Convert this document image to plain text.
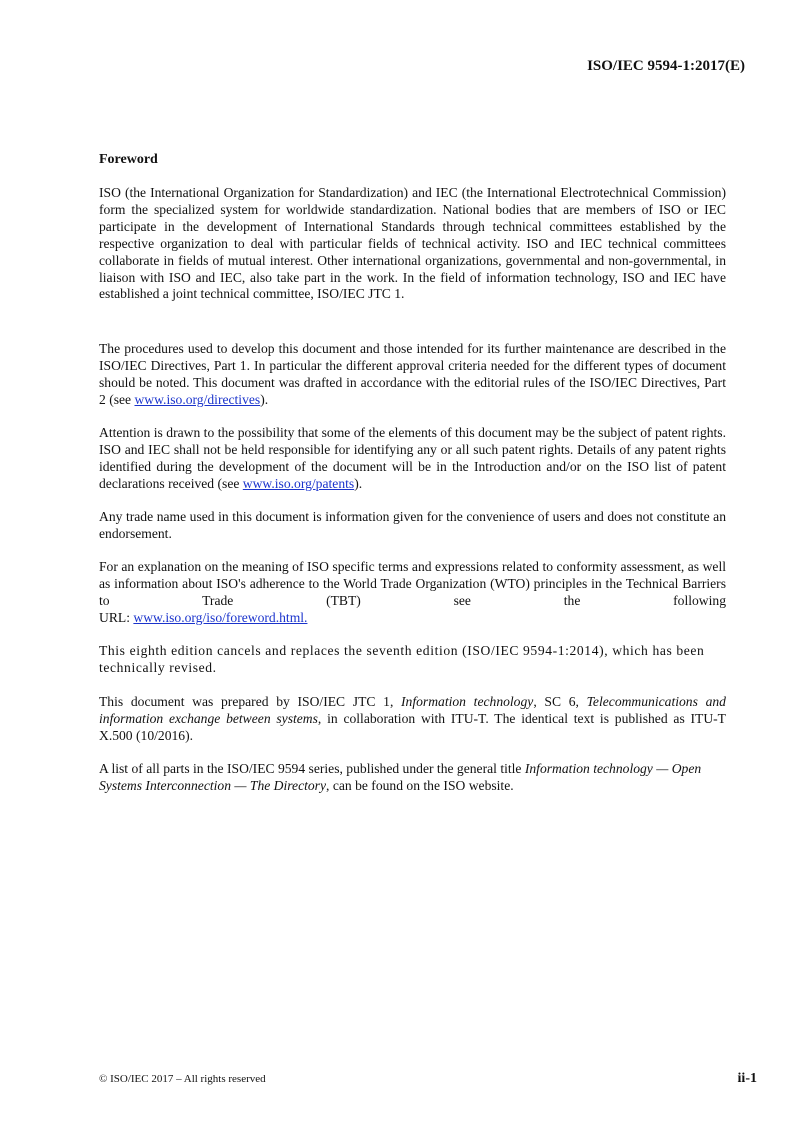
ISO/IEC 9594-1:2017(E)
Foreword

ISO (the International Organization for Standardization) and IEC (the International Electrotechnical Commission) form the specialized system for worldwide standardization. National bodies that are members of ISO or IEC participate in the development of International Standards through technical committees established by the respective organization to deal with particular fields of technical activity. ISO and IEC technical committees collaborate in fields of mutual interest. Other international organizations, governmental and non-governmental, in liaison with ISO and IEC, also take part in the work. In the field of information technology, ISO and IEC have established a joint technical committee, ISO/IEC JTC 1.

The procedures used to develop this document and those intended for its further maintenance are described in the ISO/IEC Directives, Part 1. In particular the different approval criteria needed for the different types of document should be noted. This document was drafted in accordance with the editorial rules of the ISO/IEC Directives, Part 2 (see www.iso.org/directives).

Attention is drawn to the possibility that some of the elements of this document may be the subject of patent rights. ISO and IEC shall not be held responsible for identifying any or all such patent rights. Details of any patent rights identified during the development of the document will be in the Introduction and/or on the ISO list of patent declarations received (see www.iso.org/patents).

Any trade name used in this document is information given for the convenience of users and does not constitute an endorsement.

For an explanation on the meaning of ISO specific terms and expressions related to conformity assessment, as well as information about ISO's adherence to the World Trade Organization (WTO) principles in the Technical Barriers to Trade (TBT) see the following

URL: www.iso.org/iso/foreword.html.

This eighth edition cancels and replaces the seventh edition (ISO/IEC 9594-1:2014), which has been technically revised.

This document was prepared by ISO/IEC JTC 1, Information technology, SC 6, Telecommunications and information exchange between systems, in collaboration with ITU-T. The identical text is published as ITU-T X.500 (10/2016).

A list of all parts in the ISO/IEC 9594 series, published under the general title Information technology — Open Systems Interconnection — The Directory, can be found on the ISO website.

© ISO/IEC 2017 – All rights reserved	ii-1
